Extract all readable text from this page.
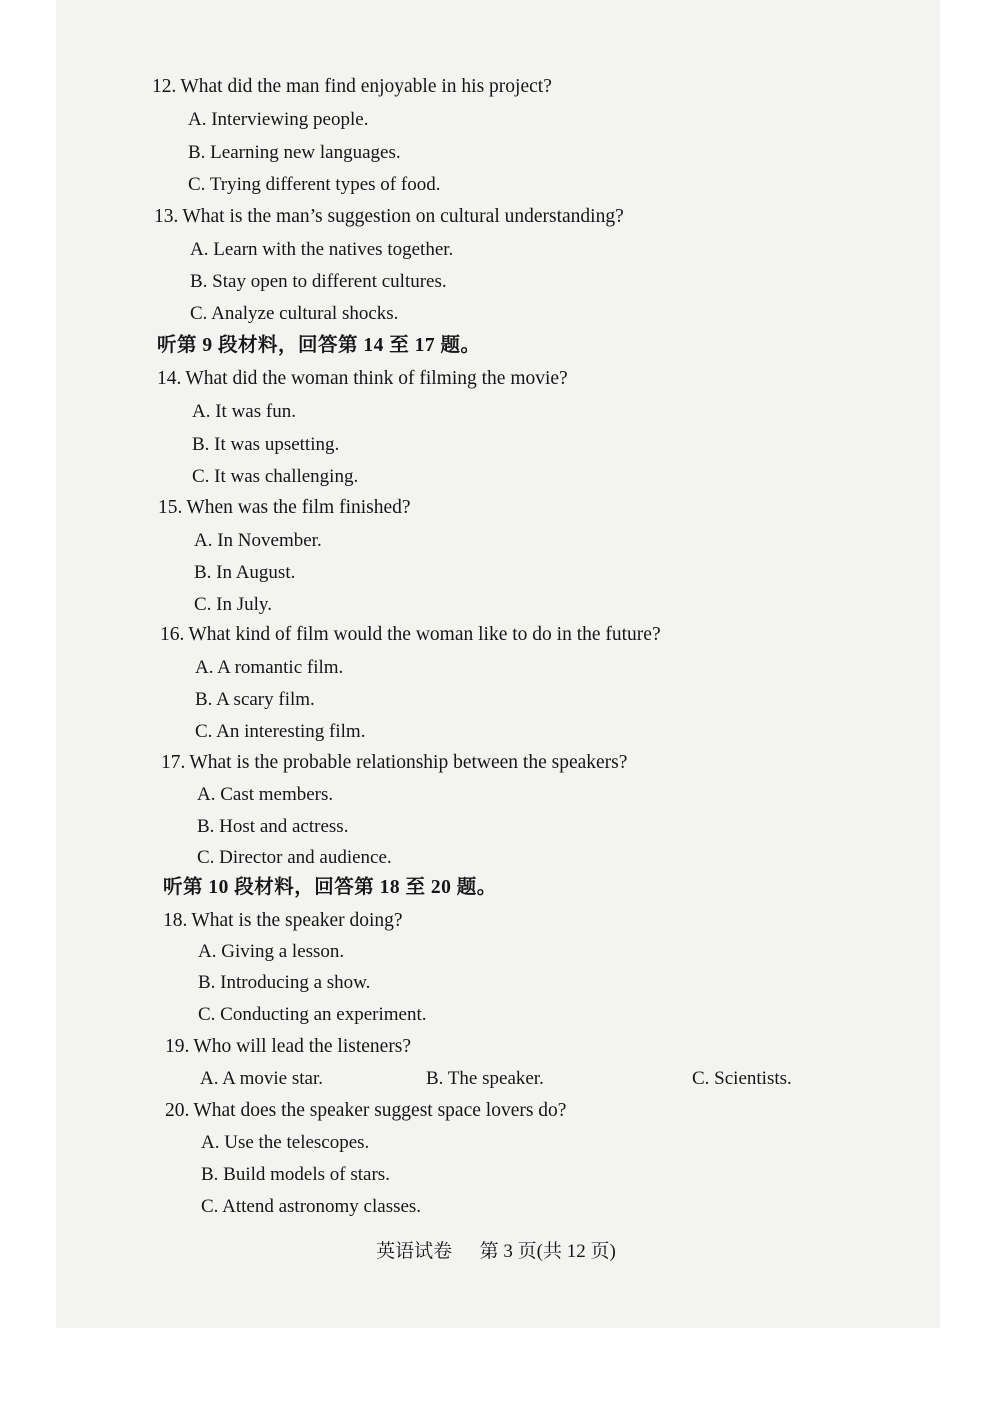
12. What did the man find enjoyable in his project?
A. Interviewing people.
B. Learning new languages.
C. Trying different types of food.
13. What is the man’s suggestion on cultural understanding?
A. Learn with the natives together.
B. Stay open to different cultures.
C. Analyze cultural shocks.
听第 9 段材料，回答第 14 至 17 题。
14. What did the woman think of filming the movie?
A. It was fun.
B. It was upsetting.
C. It was challenging.
15. When was the film finished?
A. In November.
B. In August.
C. In July.
16. What kind of film would the woman like to do in the future?
A. A romantic film.
B. A scary film.
C. An interesting film.
17. What is the probable relationship between the speakers?
A. Cast members.
B. Host and actress.
C. Director and audience.
听第 10 段材料，回答第 18 至 20 题。
18. What is the speaker doing?
A. Giving a lesson.
B. Introducing a show.
C. Conducting an experiment.
19. Who will lead the listeners?
A. A movie star.	B. The speaker.	C. Scientists.
20. What does the speaker suggest space lovers do?
A. Use the telescopes.
B. Build models of stars.
C. Attend astronomy classes.
英语试卷 第 3 页(共 12 页)
